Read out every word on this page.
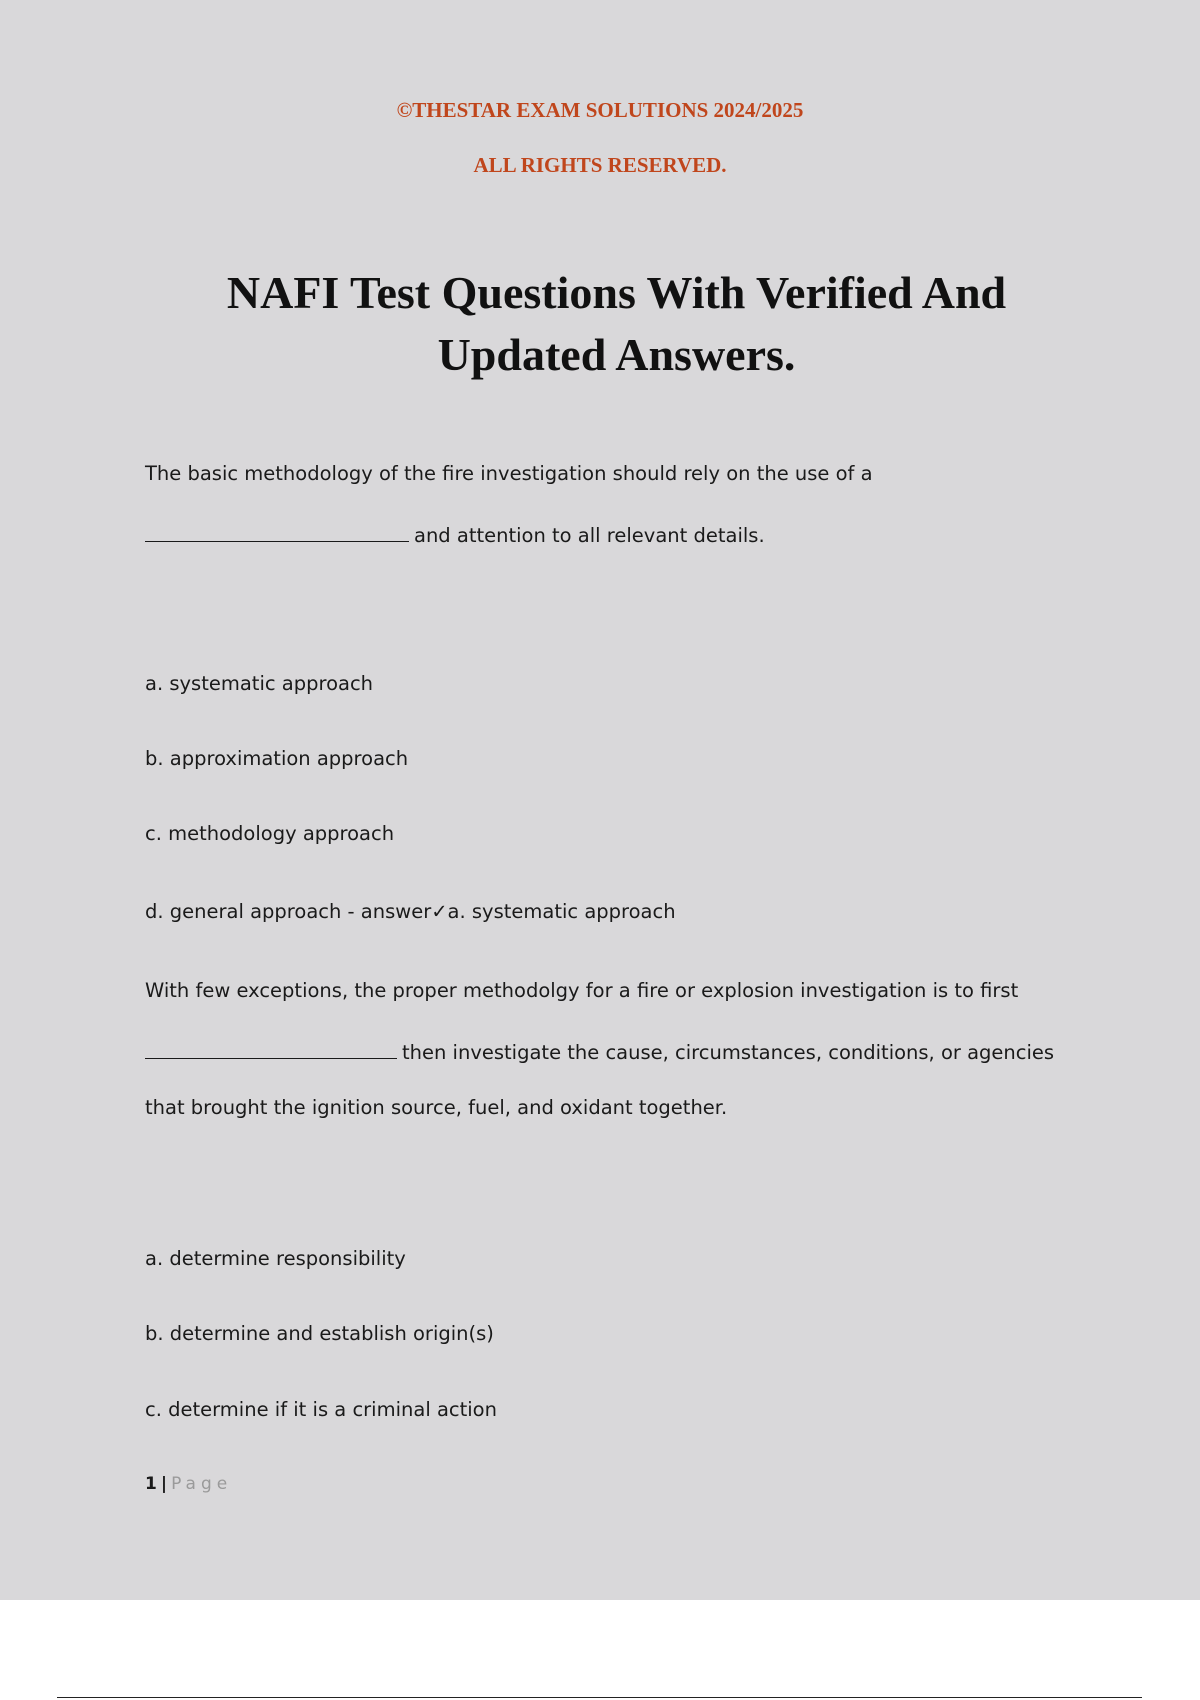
©THESTAR EXAM SOLUTIONS 2024/2025
ALL RIGHTS RESERVED.
NAFI Test Questions With Verified And
Updated Answers.
The basic methodology of the fire investigation should rely on the use of a
and attention to all relevant details.
a. systematic approach
b. approximation approach
c. methodology approach
d. general approach - answer✓a. systematic approach
With few exceptions, the proper methodolgy for a fire or explosion investigation is to first
then investigate the cause, circumstances, conditions, or agencies
that brought the ignition source, fuel, and oxidant together.
a. determine responsibility
b. determine and establish origin(s)
c. determine if it is a criminal action
1 | Page
